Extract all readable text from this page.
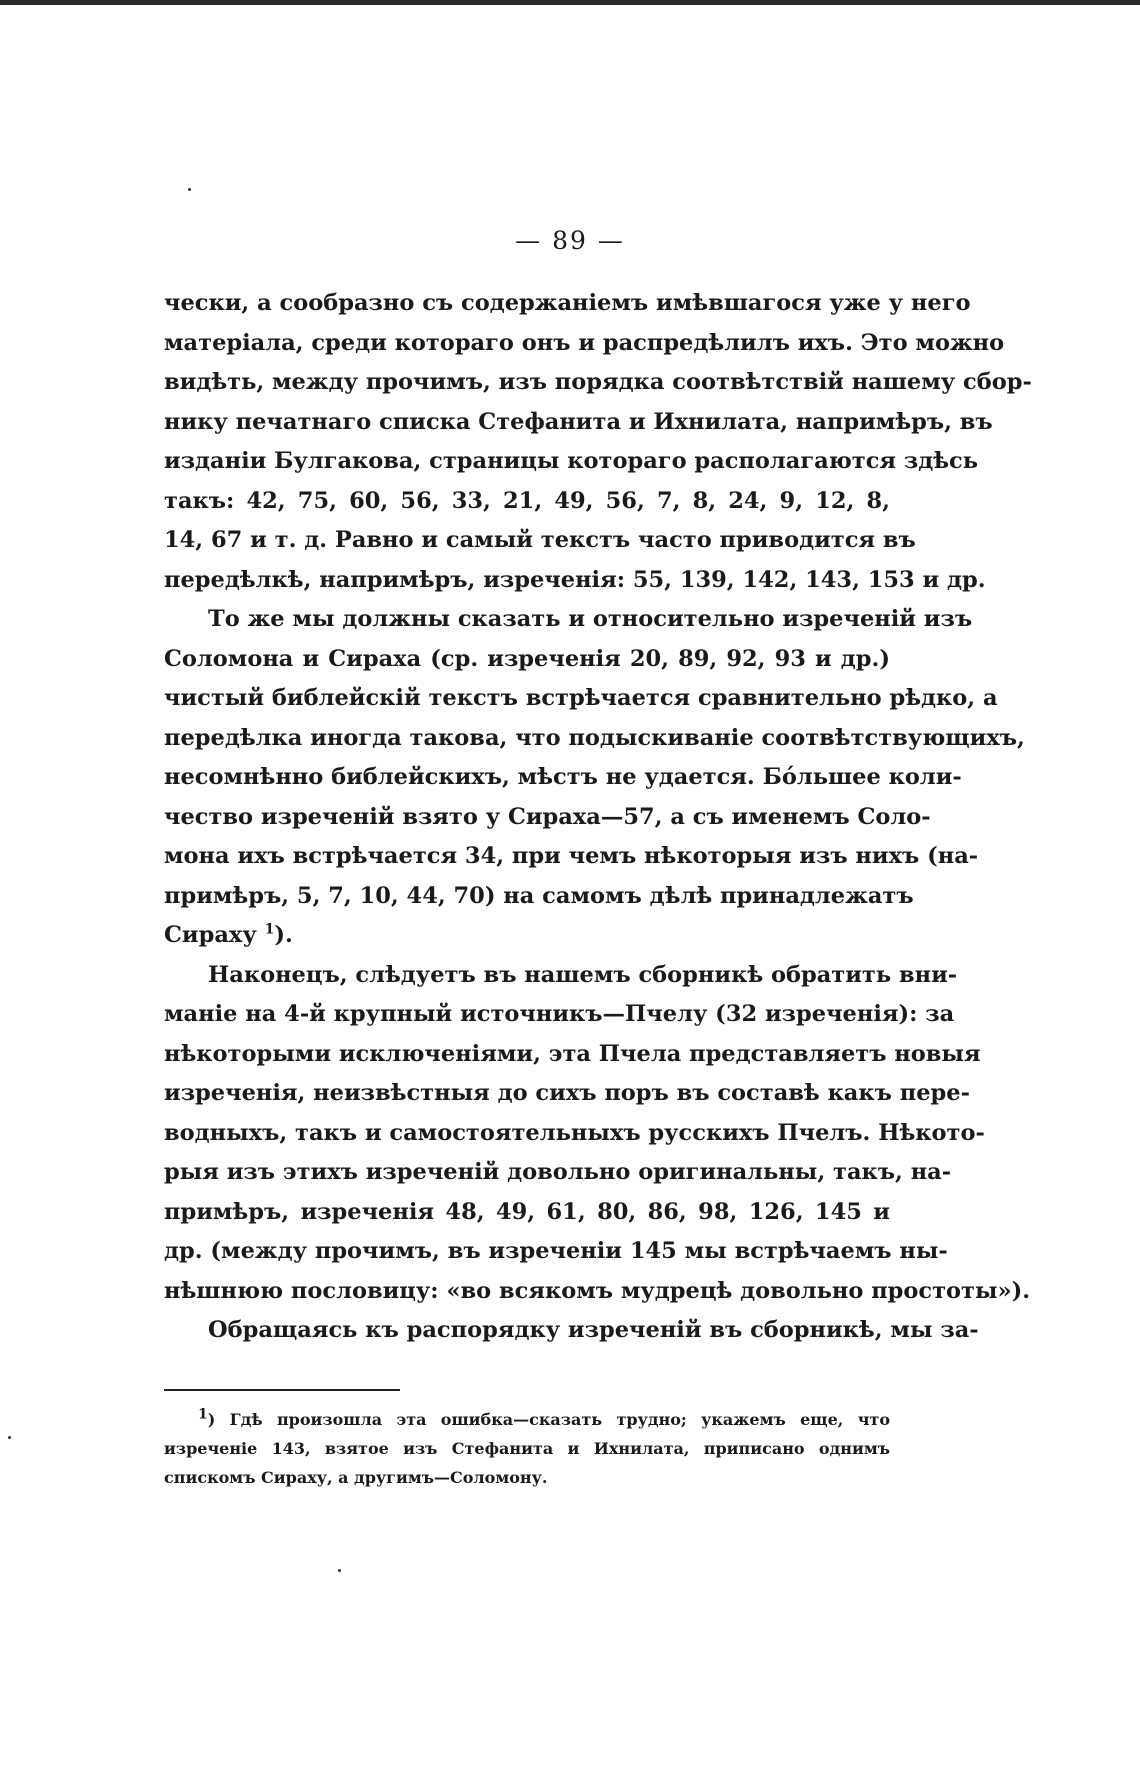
— 89 —
чески, а сообразно съ содержаніемъ имѣвшагося уже у него
матеріала, среди котораго онъ и распредѣлилъ ихъ. Это можно
видѣть, между прочимъ, изъ порядка соотвѣтствій нашему сбор-
нику печатнаго списка Стефанита и Ихнилата, напримѣръ, въ
изданіи Булгакова, страницы котораго располагаются здѣсь
такъ: 42, 75, 60, 56, 33, 21, 49, 56, 7, 8, 24, 9, 12, 8,
14, 67 и т. д. Равно и самый текстъ часто приводится въ
передѣлкѣ, напримѣръ, изреченія: 55, 139, 142, 143, 153 и др.
То же мы должны сказать и относительно изреченій изъ
Соломона и Сираха (ср. изреченія 20, 89, 92, 93 и др.)
чистый библейскій текстъ встрѣчается сравнительно рѣдко, а
передѣлка иногда такова, что подыскиваніе соотвѣтствующихъ,
несомнѣнно библейскихъ, мѣстъ не удается. Бо́льшее коли-
чество изреченій взято у Сираха—57, а съ именемъ Соло-
мона ихъ встрѣчается 34, при чемъ нѣкоторыя изъ нихъ (на-
примѣръ, 5, 7, 10, 44, 70) на самомъ дѣлѣ принадлежатъ
Сираху $^1$).
Наконецъ, слѣдуетъ въ нашемъ сборникѣ обратить вни-
маніе на 4-й крупный источникъ—Пчелу (32 изреченія): за
нѣкоторыми исключеніями, эта Пчела представляетъ новыя
изреченія, неизвѣстныя до сихъ поръ въ составѣ какъ пере-
водныхъ, такъ и самостоятельныхъ русскихъ Пчелъ. Нѣкото-
рыя изъ этихъ изреченій довольно оригинальны, такъ, на-
примѣръ, изреченія 48, 49, 61, 80, 86, 98, 126, 145 и
др. (между прочимъ, въ изреченіи 145 мы встрѣчаемъ ны-
нѣшнюю пословицу: «во всякомъ мудрецѣ довольно простоты»).
Обращаясь къ распорядку изреченій въ сборникѣ, мы за-
$^1$) Гдѣ произошла эта ошибка—сказать трудно; укажемъ еще, что
изреченіе 143, взятое изъ Стефанита и Ихнилата, приписано однимъ
спискомъ Сираху, а другимъ—Соломону.
